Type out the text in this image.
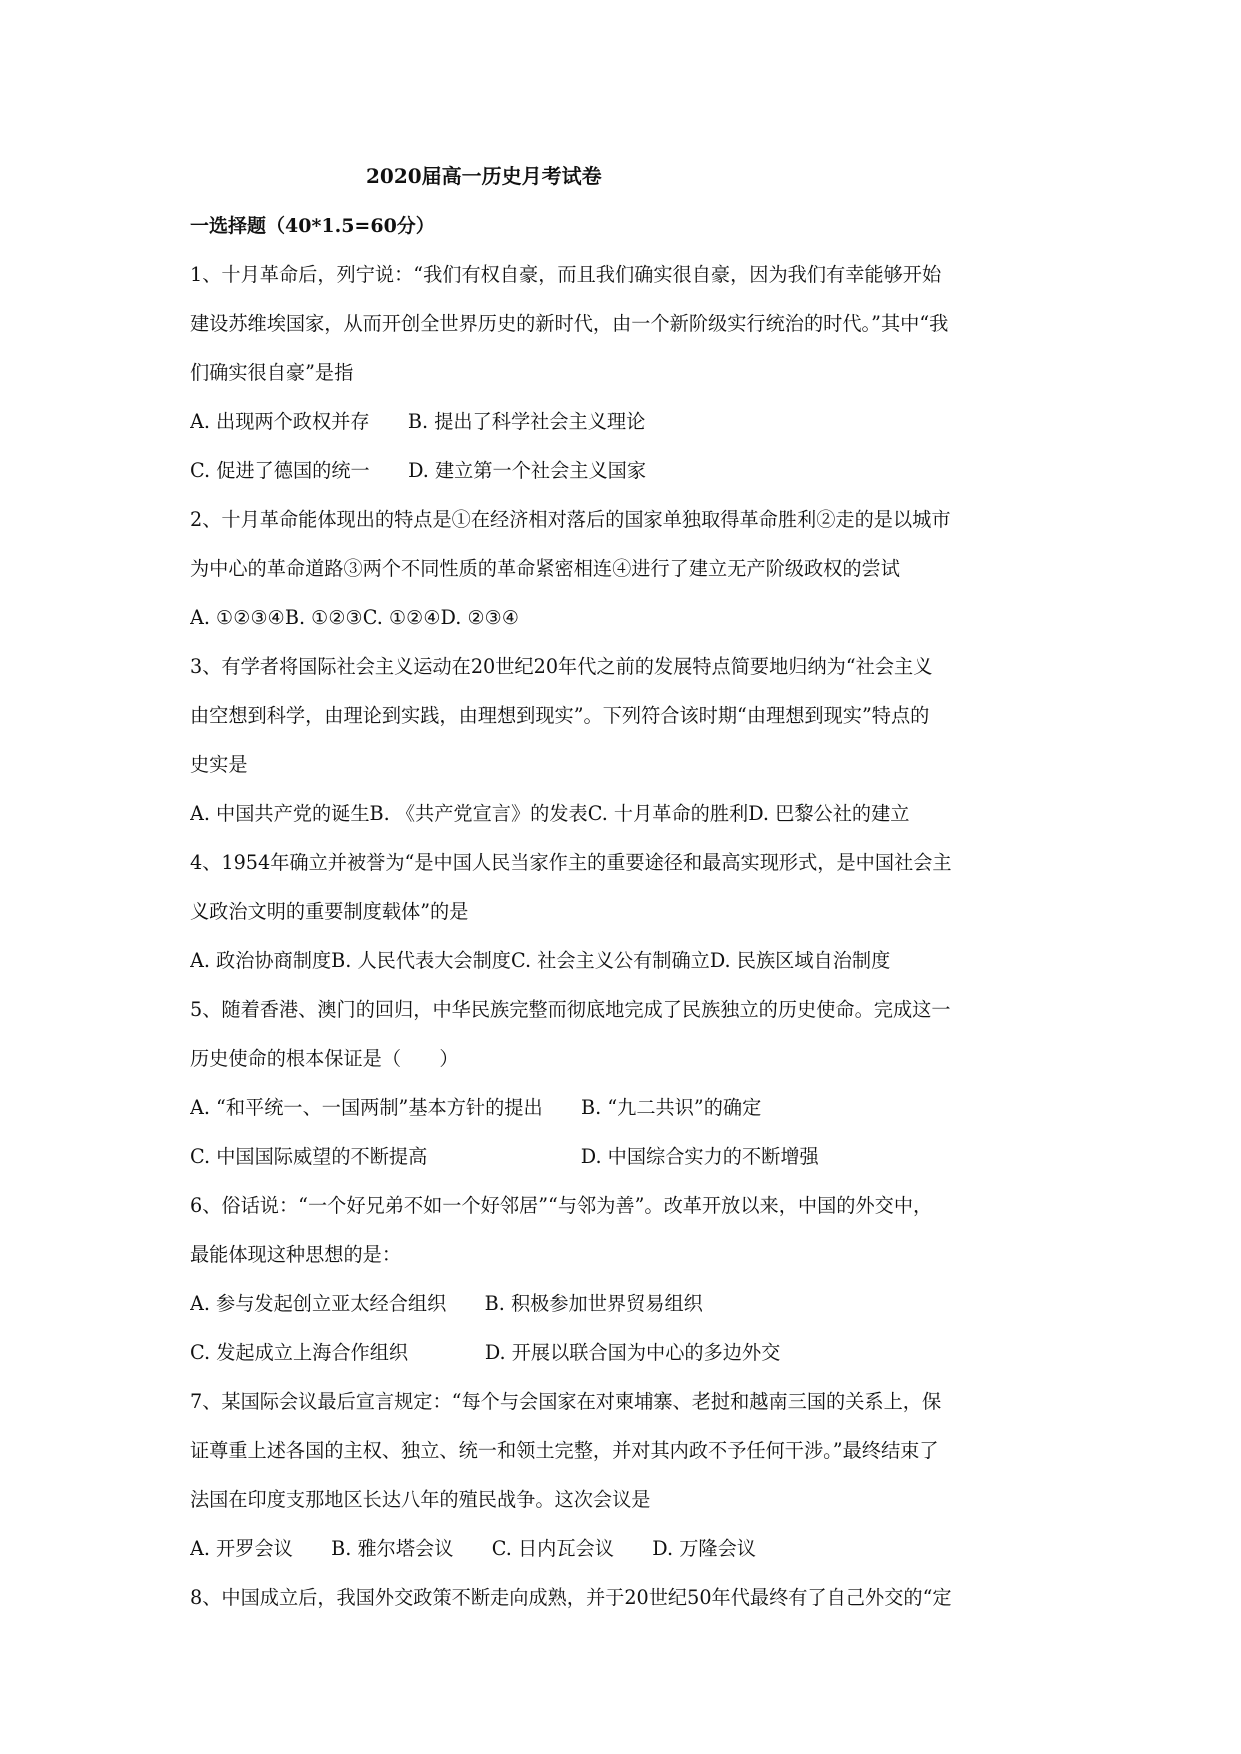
2020届高一历史月考试卷
一选择题（40*1.5=60分）
1、十月革命后，列宁说：“我们有权自豪，而且我们确实很自豪，因为我们有幸能够开始
建设苏维埃国家，从而开创全世界历史的新时代，由一个新阶级实行统治的时代。”其中“我
们确实很自豪”是指
A. 出现两个政权并存　　B. 提出了科学社会主义理论
C. 促进了德国的统一　　D. 建立第一个社会主义国家
2、十月革命能体现出的特点是①在经济相对落后的国家单独取得革命胜利②走的是以城市
为中心的革命道路③两个不同性质的革命紧密相连④进行了建立无产阶级政权的尝试
A. ①②③④B. ①②③C. ①②④D. ②③④
3、有学者将国际社会主义运动在20世纪20年代之前的发展特点简要地归纳为“社会主义
由空想到科学，由理论到实践，由理想到现实”。下列符合该时期“由理想到现实”特点的
史实是
A. 中国共产党的诞生B. 《共产党宣言》的发表C. 十月革命的胜利D. 巴黎公社的建立
4、1954年确立并被誉为“是中国人民当家作主的重要途径和最高实现形式，是中国社会主
义政治文明的重要制度载体”的是
A. 政治协商制度B. 人民代表大会制度C. 社会主义公有制确立D. 民族区域自治制度
5、随着香港、澳门的回归，中华民族完整而彻底地完成了民族独立的历史使命。完成这一
历史使命的根本保证是（　　）
A. “和平统一、一国两制”基本方针的提出　　B. “九二共识”的确定
C. 中国国际威望的不断提高　　　　　　　　D. 中国综合实力的不断增强
6、俗话说：“一个好兄弟不如一个好邻居”“与邻为善”。改革开放以来，中国的外交中，
最能体现这种思想的是：
A. 参与发起创立亚太经合组织　　B. 积极参加世界贸易组织
C. 发起成立上海合作组织　　　　D. 开展以联合国为中心的多边外交
7、某国际会议最后宣言规定：“每个与会国家在对柬埔寨、老挝和越南三国的关系上，保
证尊重上述各国的主权、独立、统一和领土完整，并对其内政不予任何干涉。”最终结束了
法国在印度支那地区长达八年的殖民战争。这次会议是
A. 开罗会议　　B. 雅尔塔会议　　C. 日内瓦会议　　D. 万隆会议
8、中国成立后，我国外交政策不断走向成熟，并于20世纪50年代最终有了自己外交的“定
